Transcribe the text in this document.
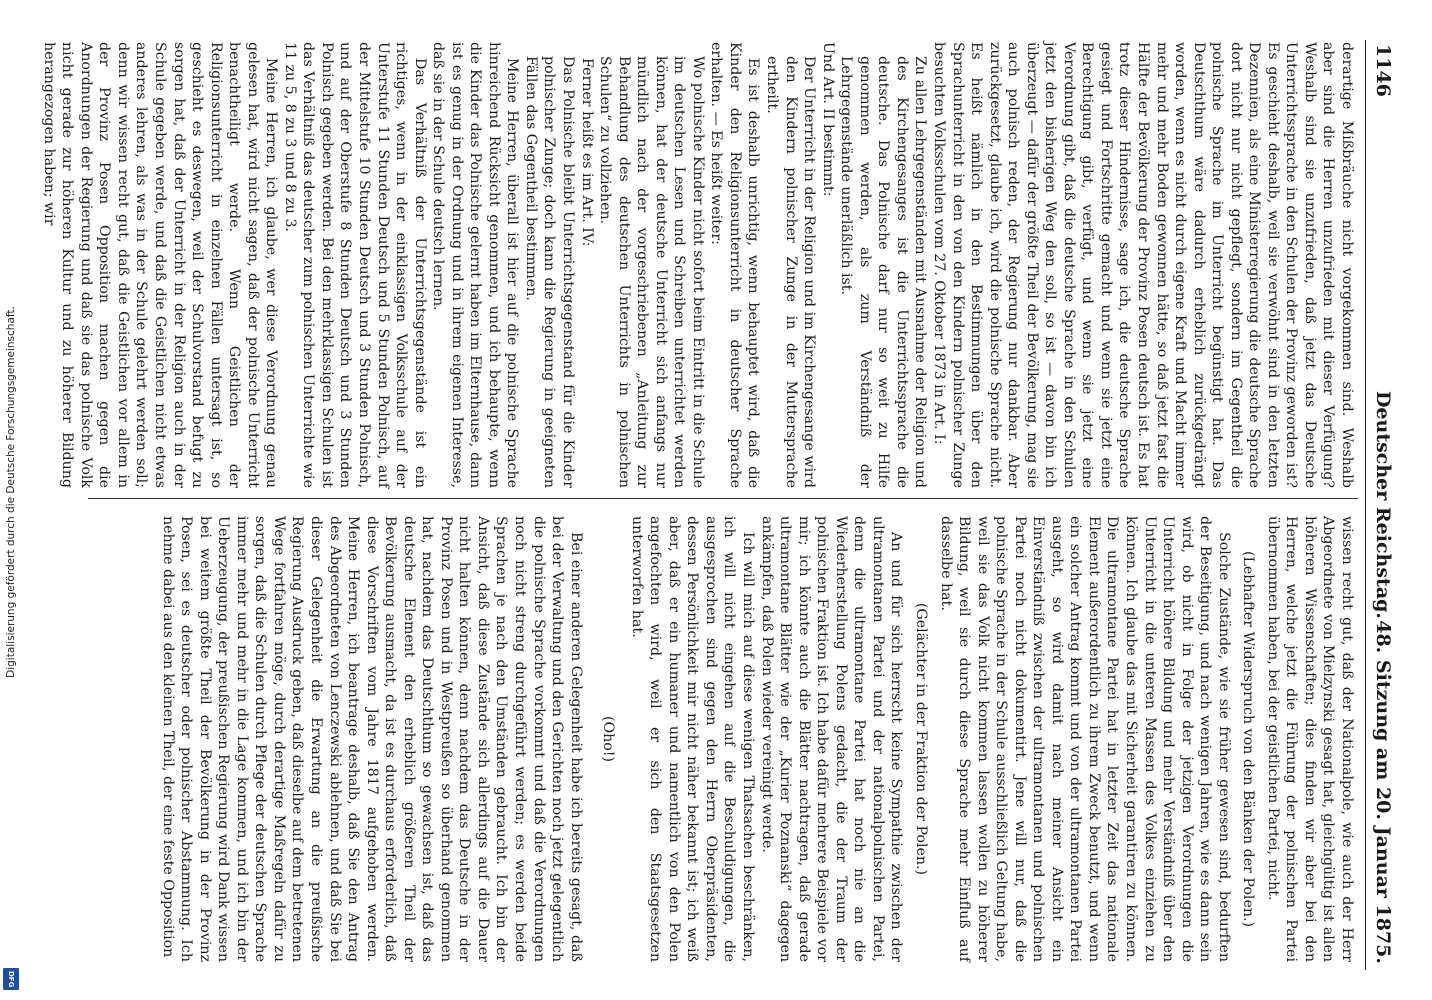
Digitalisierung gefördert durch die Deutsche Forschungsgemeinschaft.
DFG
1146
Deutscher Reichstag.
48. Sitzung am 20. Januar 1875.

derartige Mißbräuche nicht vorgekommen sind. Weshalb aber sind die Herren unzufrieden mit dieser Verfügung? Weshalb sind sie unzufrieden, daß jetzt das Deutsche Unterrichtssprache in den Schulen der Provinz geworden ist? Es geschieht deshalb, weil sie verwöhnt sind in den letzten Dezennien, als eine Ministerregierung die deutsche Sprache dort nicht nur nicht gepflegt, sondern im Gegentheil die polnische Sprache im Unterricht begünstigt hat. Das Deutschthum wäre dadurch erheblich zurückgedrängt worden, wenn es nicht durch eigene Kraft und Macht immer mehr und mehr Boden gewonnen hätte, so daß jetzt fast die Hälfte der Bevölkerung der Provinz Posen deutsch ist. Es hat trotz dieser Hindernisse, sage ich, die deutsche Sprache gesiegt und Fortschritte gemacht und wenn sie jetzt eine Berechtigung gibt, verfügt, und wenn sie jetzt eine Verordnung gibt, daß die deutsche Sprache in den Schulen jetzt den bisherigen Weg den soll, so ist — davon bin ich überzeugt — dafür der größte Theil der Bevölkerung, mag sie auch polnisch reden, der Regierung nur dankbar. Aber zurückgesetzt, glaube ich, wird die polnische Sprache nicht. Es heißt nämlich in den Bestimmungen über den Sprachunterricht in den von den Kindern polnischer Zunge besuchten Volksschulen vom 27. Oktober 1873 in Art. I:

Zu allen Lehrgegenständen mit Ausnahme der Religion und des Kirchengesanges ist die Unterrichtssprache die deutsche. Das Polnische darf nur so weit zu Hilfe genommen werden, als zum Verständniß der Lehrgegenstände unerläßlich ist.

Und Art. II bestimmt:

Der Unterricht in der Religion und im Kirchengesange wird den Kindern polnischer Zunge in der Muttersprache ertheilt.

Es ist deshalb unrichtig, wenn behauptet wird, daß die Kinder den Religionsunterricht in deutscher Sprache erhalten. — Es heißt weiter:

Wo polnische Kinder nicht sofort beim Eintritt in die Schule im deutschen Lesen und Schreiben unterrichtet werden können, hat der deutsche Unterricht sich anfangs nur mündlich nach der vorgeschriebenen „Anleitung zur Behandlung des deutschen Unterrichts in polnischen Schulen“ zu vollziehen.

Ferner heißt es im Art. IV:

Das Polnische bleibt Unterrichtsgegenstand für die Kinder polnischer Zunge; doch kann die Regierung in geeigneten Fällen das Gegentheil bestimmen.

Meine Herren, überall ist hier auf die polnische Sprache hinreichend Rücksicht genommen, und ich behaupte, wenn die Kinder das Polnische gelernt haben im Elternhause, dann ist es genug in der Ordnung und in ihrem eigenen Interesse, daß sie in der Schule deutsch lernen.

Das Verhältniß der Unterrichtsgegenstände ist ein richtiges, wenn in der einklassigen Volksschule auf der Unterstufe 11 Stunden Deutsch und 5 Stunden Polnisch, auf der Mittelstufe 10 Stunden Deutsch und 3 Stunden Polnisch, und auf der Oberstufe 8 Stunden Deutsch und 3 Stunden Polnisch gegeben werden. Bei den mehrklassigen Schulen ist das Verhältniß das deutscher zum polnischen Unterrichte wie 11 zu 5, 8 zu 3 und 8 zu 3.

Meine Herren, ich glaube, wer diese Verordnung genau gelesen hat, wird nicht sagen, daß der polnische Unterricht benachtheiligt werde. Wenn Geistlichen der Religionsunterricht in einzelnen Fällen untersagt ist, so geschieht es deswegen, weil der Schulvorstand befugt zu sorgen hat, daß der Unterricht in der Religion auch in der Schule gegeben werde, und daß die Geistlichen nicht etwas anderes lehren, als was in der Schule gelehrt werden soll; denn wir wissen recht gut, daß die Geistlichen vor allem in der Provinz Posen Opposition machen gegen die Anordnungen der Regierung und daß sie das polnische Volk nicht gerade zur höheren Kultur und zu höherer Bildung herangezogen haben; wir

wissen recht gut, daß der Nationalpole, wie auch der Herr Abgeordnete von Mielzynski gesagt hat, gleichgültig ist allen höheren Wissenschaften; dies finden wir aber bei den Herren, welche jetzt die Führung der polnischen Partei übernommen haben, bei der geistlichen Partei, nicht.

(Lebhafter Widerspruch von den Bänken der Polen.)

Solche Zustände, wie sie früher gewesen sind, bedurften der Beseitigung, und nach wenigen Jahren, wie es dann sein wird, ob nicht in Folge der jetzigen Verordnungen die Unterricht höhere Bildung und mehr Verständniß über den Unterricht in die unteren Massen des Volkes einziehen zu können. Ich glaube das mit Sicherheit garantiren zu können. Die ultramontane Partei hat in letzter Zeit das nationale Element außerordentlich zu ihrem Zweck benutzt, und wenn ein solcher Antrag kommt und von der ultramontanen Partei ausgeht, so wird damit nach meiner Ansicht ein Einverständniß zwischen der ultramontanen und polnischen Partei noch nicht dokumentirt. Jene will nur, daß die polnische Sprache in der Schule ausschließlich Geltung habe, weil sie das Volk nicht kommen lassen wollen zu höherer Bildung, weil sie durch diese Sprache mehr Einfluß auf dasselbe hat.

(Gelächter in der Fraktion der Polen.)

An und für sich herrscht keine Sympathie zwischen der ultramontanen Partei und der nationalpolnischen Partei, denn die ultramontane Partei hat noch nie an die Wiederherstellung Polens gedacht, die der Traum der polnischen Fraktion ist. Ich habe dafür mehrere Beispiele vor mir; ich könnte auch die Blätter nachtragen, daß gerade ultramontane Blätter wie der „Kurier Poznanski“ dagegen ankämpfen, daß Polen wieder vereinigt werde.

Ich will mich auf diese wenigen Thatsachen beschränken, ich will nicht eingehen auf die Beschuldigungen, die ausgesprochen sind gegen den Herrn Oberpräsidenten, dessen Persönlichkeit mir nicht näher bekannt ist; ich weiß aber, daß er ein humaner und namentlich von den Polen angefochten wird, weil er sich den Staatsgesetzen unterworfen hat.

(Oho!)

Bei einer anderen Gelegenheit habe ich bereits gesagt, daß bei der Verwaltung und den Gerichten noch jetzt gelegentlich die polnische Sprache vorkommt und daß die Verordnungen noch nicht streng durchgeführt werden; es werden beide Sprachen je nach den Umständen gebraucht. Ich bin der Ansicht, daß diese Zustände sich allerdings auf die Dauer nicht halten können, denn nachdem das Deutsche in der Provinz Posen und in Westpreußen so überhand genommen hat, nachdem das Deutschthum so gewachsen ist, daß das deutsche Element den erheblich größeren Theil der Bevölkerung ausmacht, da ist es durchaus erforderlich, daß diese Vorschriften vom Jahre 1817 aufgehoben werden. Meine Herren, ich beantrage deshalb, daß Sie den Antrag des Abgeordneten von Lenczewski ablehnen, und daß Sie bei dieser Gelegenheit die Erwartung an die preußische Regierung Ausdruck geben, daß dieselbe auf dem betretenen Wege fortfahren möge, durch derartige Maßregeln dafür zu sorgen, daß die Schulen durch Pflege der deutschen Sprache immer mehr und mehr in die Lage kommen, und ich bin der Ueberzeugung, der preußischen Regierung wird Dank wissen bei weitem größte Theil der Bevölkerung in der Provinz Posen, sei es deutscher oder polnischer Abstammung. Ich nehme dabei aus den kleinen Theil, der eine feste Opposition
